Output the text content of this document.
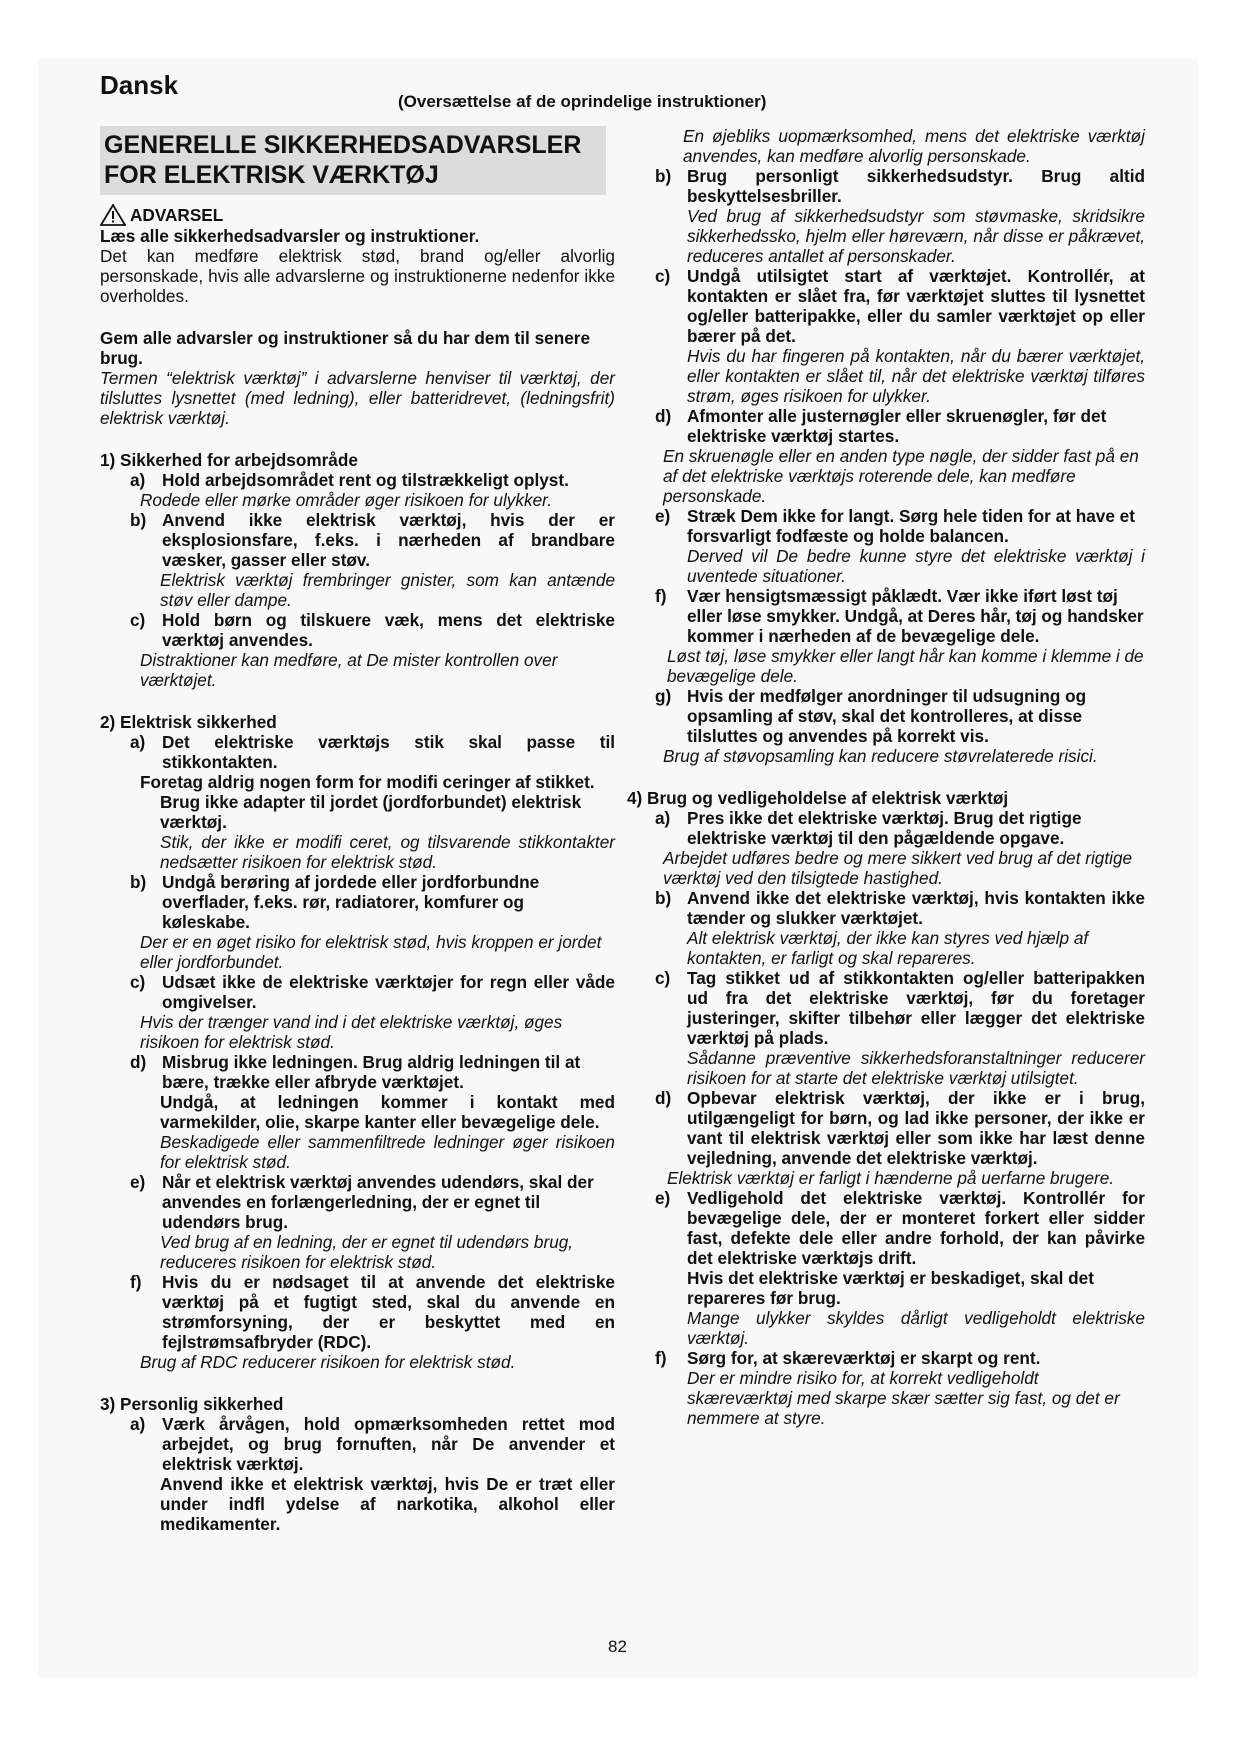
Dansk
(Oversættelse af de oprindelige instruktioner)
GENERELLE SIKKERHEDSADVARSLER FOR ELEKTRISK VÆRKTØJ
ADVARSEL

Læs alle sikkerhedsadvarsler og instruktioner.

Det kan medføre elektrisk stød, brand og/eller alvorlig personskade, hvis alle advarslerne og instruktionerne nedenfor ikke overholdes.

Gem alle advarsler og instruktioner så du har dem til senere brug.

Termen “elektrisk værktøj” i advarslerne henviser til værktøj, der tilsluttes lysnettet (med ledning), eller batteridrevet, (ledningsfrit) elektrisk værktøj.

1) Sikkerhed for arbejdsområde

a) Hold arbejdsområdet rent og tilstrækkeligt oplyst.

Rodede eller mørke områder øger risikoen for ulykker.

b) Anvend ikke elektrisk værktøj, hvis der er eksplosionsfare, f.eks. i nærheden af brandbare væsker, gasser eller støv.

Elektrisk værktøj frembringer gnister, som kan antænde støv eller dampe.

c) Hold børn og tilskuere væk, mens det elektriske værktøj anvendes.

Distraktioner kan medføre, at De mister kontrollen over værktøjet.

2) Elektrisk sikkerhed

a) Det elektriske værktøjs stik skal passe til stikkontakten.

Foretag aldrig nogen form for modifi ceringer af stikket.

Brug ikke adapter til jordet (jordforbundet) elektrisk værktøj.

Stik, der ikke er modifi ceret, og tilsvarende stikkontakter nedsætter risikoen for elektrisk stød.

b) Undgå berøring af jordede eller jordforbundne overflader, f.eks. rør, radiatorer, komfurer og køleskabe.

Der er en øget risiko for elektrisk stød, hvis kroppen er jordet eller jordforbundet.

c) Udsæt ikke de elektriske værktøjer for regn eller våde omgivelser.

Hvis der trænger vand ind i det elektriske værktøj, øges risikoen for elektrisk stød.

d) Misbrug ikke ledningen. Brug aldrig ledningen til at bære, trække eller afbryde værktøjet.

Undgå, at ledningen kommer i kontakt med varmekilder, olie, skarpe kanter eller bevægelige dele.

Beskadigede eller sammenfiltrede ledninger øger risikoen for elektrisk stød.

e) Når et elektrisk værktøj anvendes udendørs, skal der anvendes en forlængerledning, der er egnet til udendørs brug.

Ved brug af en ledning, der er egnet til udendørs brug, reduceres risikoen for elektrisk stød.

f)	Hvis du er nødsaget til at anvende det elektriske værktøj på et fugtigt sted, skal du anvende en strømforsyning, der er beskyttet med en fejlstrømsafbryder (RDC).

Brug af RDC reducerer risikoen for elektrisk stød.

3) Personlig sikkerhed

a) Værk årvågen, hold opmærksomheden rettet mod arbejdet, og brug fornuften, når De anvender et elektrisk værktøj.

Anvend ikke et elektrisk værktøj, hvis De er træt eller under indfl ydelse af narkotika, alkohol eller medikamenter.

En øjebliks uopmærksomhed, mens det elektriske værktøj anvendes, kan medføre alvorlig personskade.

b) Brug personligt sikkerhedsudstyr. Brug altid beskyttelsesbriller.

Ved brug af sikkerhedsudstyr som støvmaske, skridsikre sikkerhedssko, hjelm eller høreværn, når disse er påkrævet, reduceres antallet af personskader.

c) Undgå utilsigtet start af værktøjet. Kontrollér, at kontakten er slået fra, før værktøjet sluttes til lysnettet og/eller batteripakke, eller du samler værktøjet op eller bærer på det.

Hvis du har fingeren på kontakten, når du bærer værktøjet, eller kontakten er slået til, når det elektriske værktøj tilføres strøm, øges risikoen for ulykker.

d) Afmonter alle justernøgler eller skruenøgler, før det elektriske værktøj startes.

En skruenøgle eller en anden type nøgle, der sidder fast på en af det elektriske værktøjs roterende dele, kan medføre personskade.

e) Stræk Dem ikke for langt. Sørg hele tiden for at have et forsvarligt fodfæste og holde balancen.

Derved vil De bedre kunne styre det elektriske værktøj i uventede situationer.

f)	Vær hensigtsmæssigt påklædt. Vær ikke iført løst tøj eller løse smykker. Undgå, at Deres hår, tøj og handsker kommer i nærheden af de bevægelige dele.

Løst tøj, løse smykker eller langt hår kan komme i klemme i de bevægelige dele.

g) Hvis der medfølger anordninger til udsugning og opsamling af støv, skal det kontrolleres, at disse tilsluttes og anvendes på korrekt vis.

Brug af støvopsamling kan reducere støvrelaterede risici.

4) Brug og vedligeholdelse af elektrisk værktøj

a) Pres ikke det elektriske værktøj. Brug det rigtige elektriske værktøj til den pågældende opgave.

Arbejdet udføres bedre og mere sikkert ved brug af det rigtige værktøj ved den tilsigtede hastighed.

b) Anvend ikke det elektriske værktøj, hvis kontakten ikke tænder og slukker værktøjet.

Alt elektrisk værktøj, der ikke kan styres ved hjælp af kontakten, er farligt og skal repareres.

c) Tag stikket ud af stikkontakten og/eller batteripakken ud fra det elektriske værktøj, før du foretager justeringer, skifter tilbehør eller lægger det elektriske værktøj på plads.

Sådanne præventive sikkerhedsforanstaltninger reducerer risikoen for at starte det elektriske værktøj utilsigtet.

d) Opbevar elektrisk værktøj, der ikke er i brug, utilgængeligt for børn, og lad ikke personer, der ikke er vant til elektrisk værktøj eller som ikke har læst denne vejledning, anvende det elektriske værktøj.

Elektrisk værktøj er farligt i hænderne på uerfarne brugere.

e) Vedligehold det elektriske værktøj. Kontrollér for bevægelige dele, der er monteret forkert eller sidder fast, defekte dele eller andre forhold, der kan påvirke det elektriske værktøjs drift.

Hvis det elektriske værktøj er beskadiget, skal det repareres før brug.

Mange ulykker skyldes dårligt vedligeholdt elektriske værktøj.

f)	Sørg for, at skæreværktøj er skarpt og rent.

Der er mindre risiko for, at korrekt vedligeholdt skæreværktøj med skarpe skær sætter sig fast, og det er nemmere at styre.

82
